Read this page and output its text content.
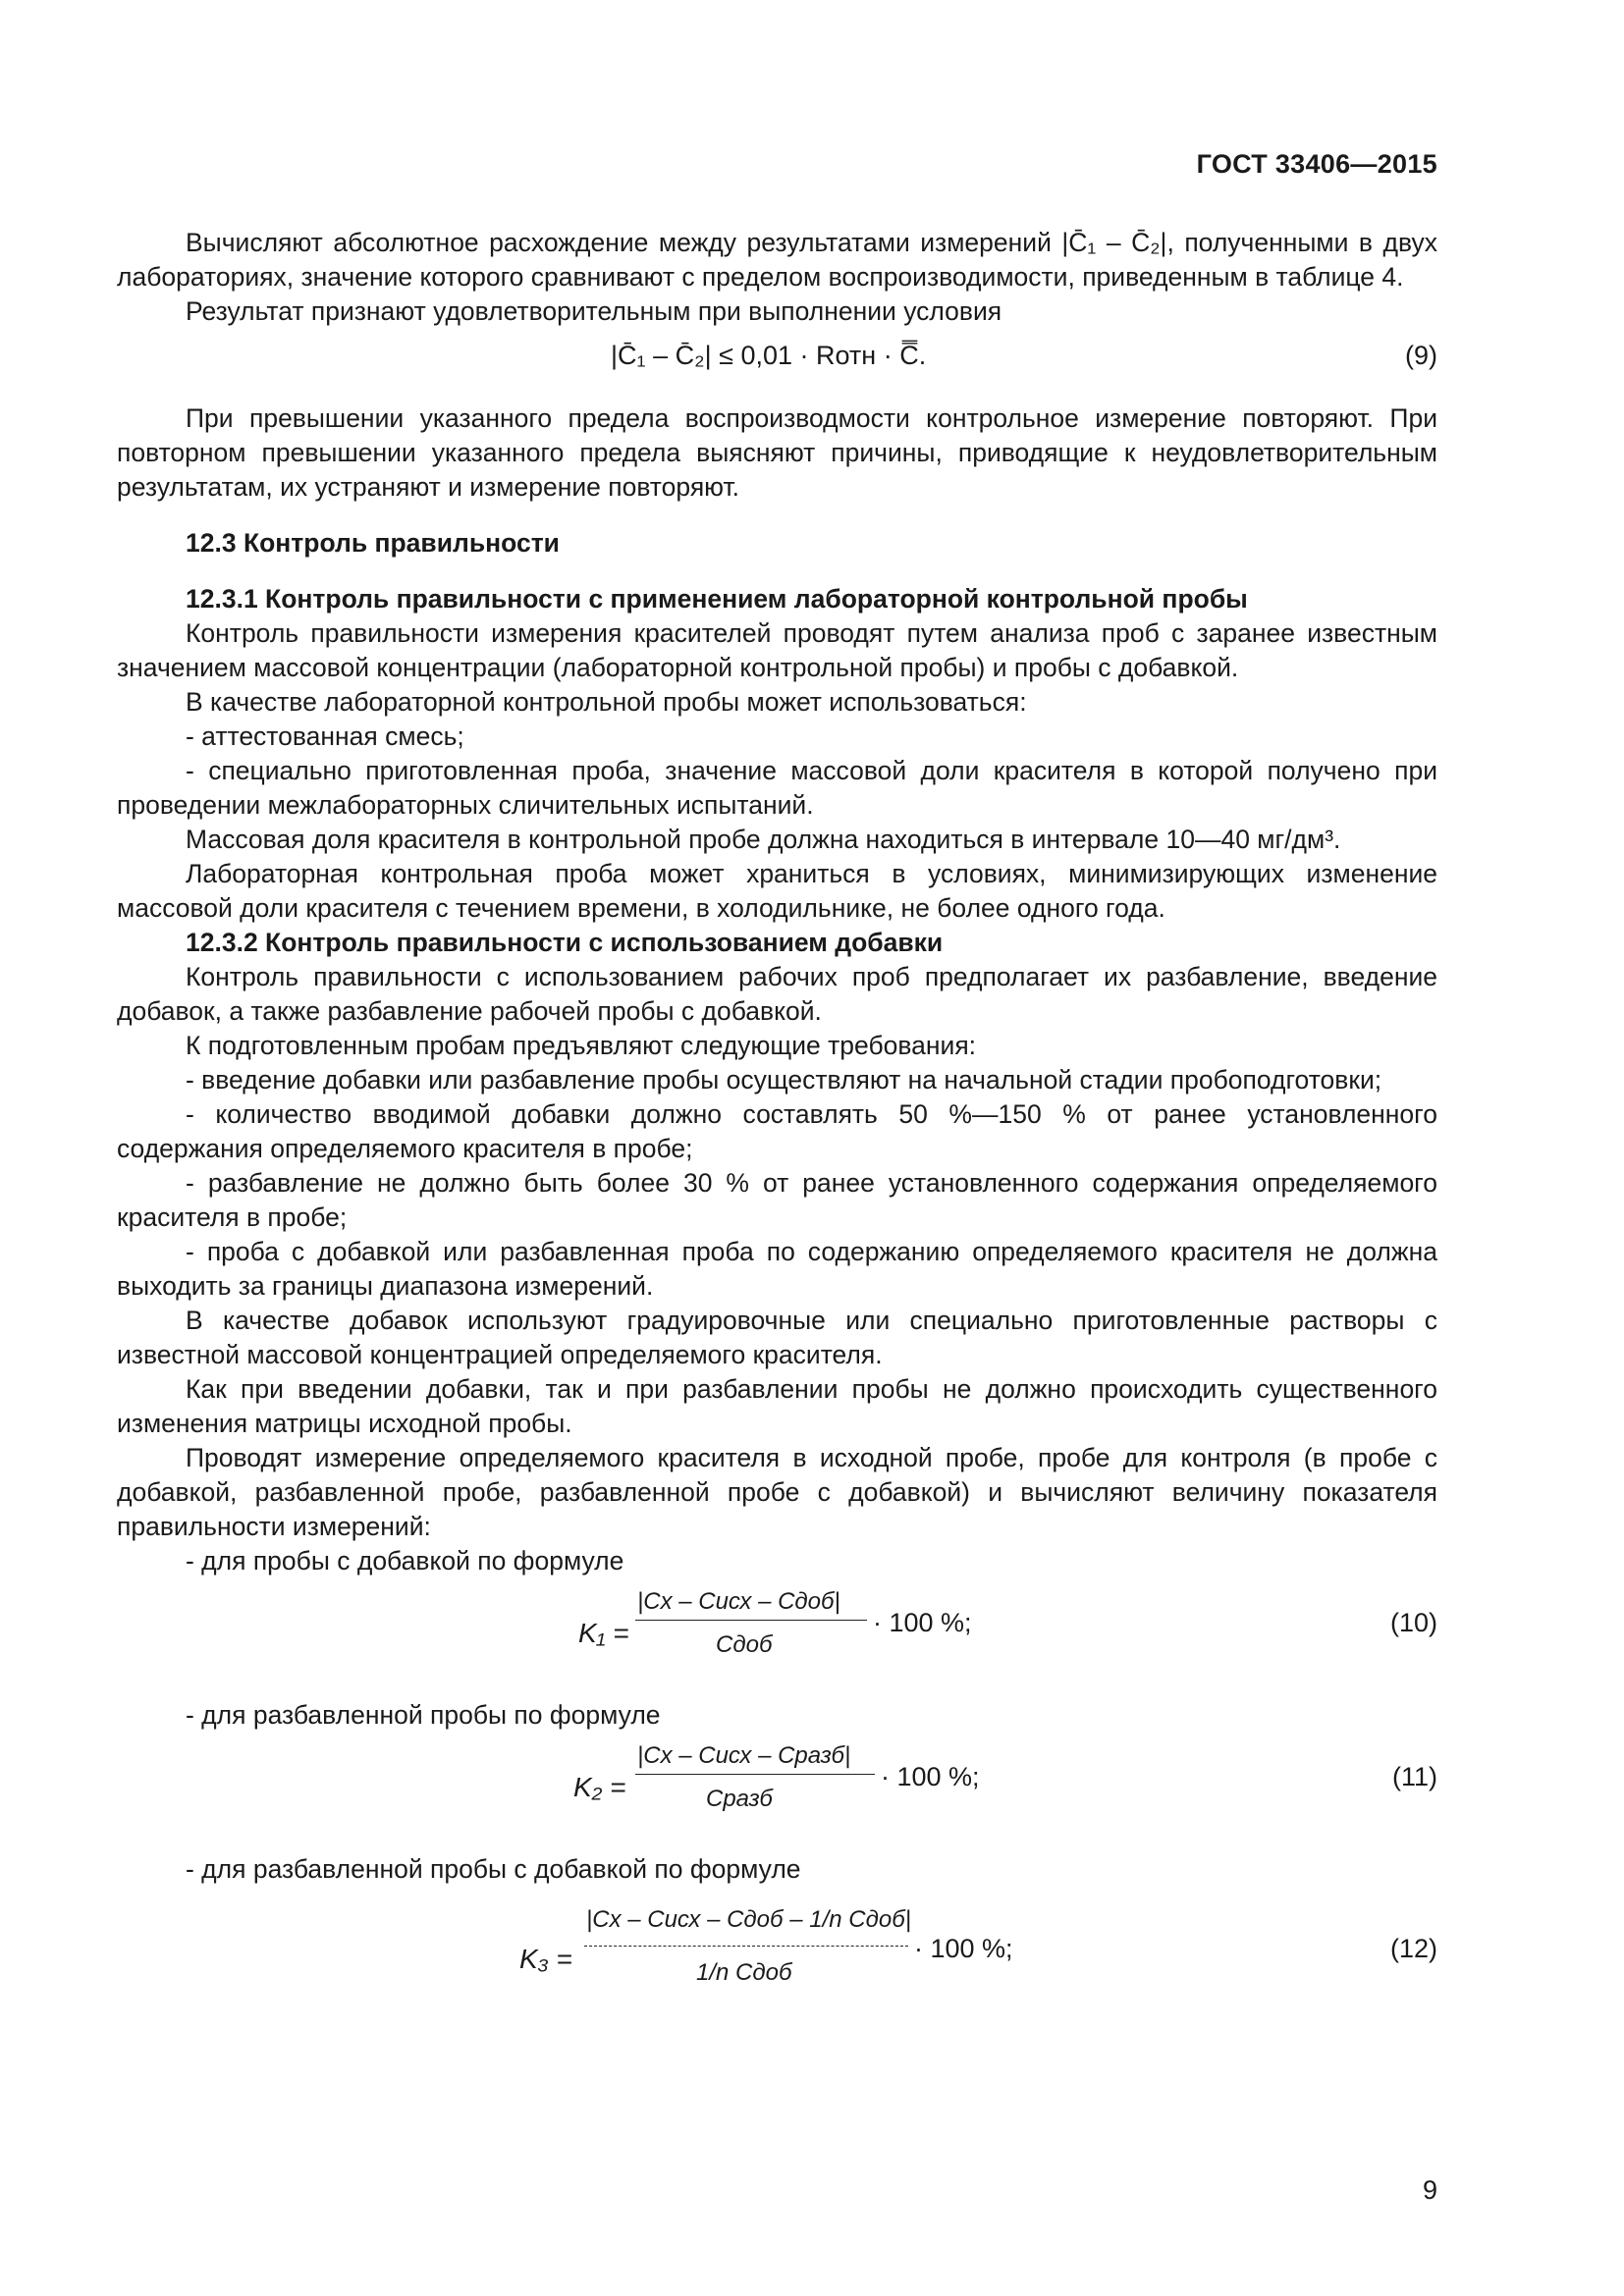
ГОСТ 33406—2015

Вычисляют абсолютное расхождение между результатами измерений |C̄₁ – C̄₂|, полученными в двух лабораториях, значение которого сравнивают с пределом воспроизводимости, приведенным в таблице 4.

Результат признают удовлетворительным при выполнении условия

|C̄₁ – C̄₂| ≤ 0,01 · Rотн · C̿.	(9)

При превышении указанного предела воспроизводмости контрольное измерение повторяют. При повторном превышении указанного предела выясняют причины, приводящие к неудовлетворительным результатам, их устраняют и измерение повторяют.

12.3 Контроль правильности

12.3.1 Контроль правильности с применением лабораторной контрольной пробы

Контроль правильности измерения красителей проводят путем анализа проб с заранее известным значением массовой концентрации (лабораторной контрольной пробы) и пробы с добавкой.

В качестве лабораторной контрольной пробы может использоваться:

- аттестованная смесь;

- специально приготовленная проба, значение массовой доли красителя в которой получено при проведении межлабораторных сличительных испытаний.

Массовая доля красителя в контрольной пробе должна находиться в интервале 10—40 мг/дм³.

Лабораторная контрольная проба может храниться в условиях, минимизирующих изменение массовой доли красителя с течением времени, в холодильнике, не более одного года.

12.3.2 Контроль правильности с использованием добавки

Контроль правильности с использованием рабочих проб предполагает их разбавление, введение добавок, а также разбавление рабочей пробы с добавкой.

К подготовленным пробам предъявляют следующие требования:

- введение добавки или разбавление пробы осуществляют на начальной стадии пробоподготовки;

- количество вводимой добавки должно составлять 50 %—150 % от ранее установленного содержания определяемого красителя в пробе;

- разбавление не должно быть более 30 % от ранее установленного содержания определяемого красителя в пробе;

- проба с добавкой или разбавленная проба по содержанию определяемого красителя не должна выходить за границы диапазона измерений.

В качестве добавок используют градуировочные или специально приготовленные растворы с известной массовой концентрацией определяемого красителя.

Как при введении добавки, так и при разбавлении пробы не должно происходить существенного изменения матрицы исходной пробы.

Проводят измерение определяемого красителя в исходной пробе, пробе для контроля (в пробе с добавкой, разбавленной пробе, разбавленной пробе с добавкой) и вычисляют величину показателя правильности измерений:

- для пробы с добавкой по формуле

K₁ =
|Cх – Cисх – Cдоб|
Cдоб
· 100 %;	(10)

- для разбавленной пробы по формуле

K₂ =
|Cх – Cисх – Cразб|
Cразб
· 100 %;	(11)

- для разбавленной пробы с добавкой по формуле

K₃ =
|Cх – Cисх – Cдоб – 1/n Cдоб|
1/n Cдоб
· 100 %;	(12)
9
